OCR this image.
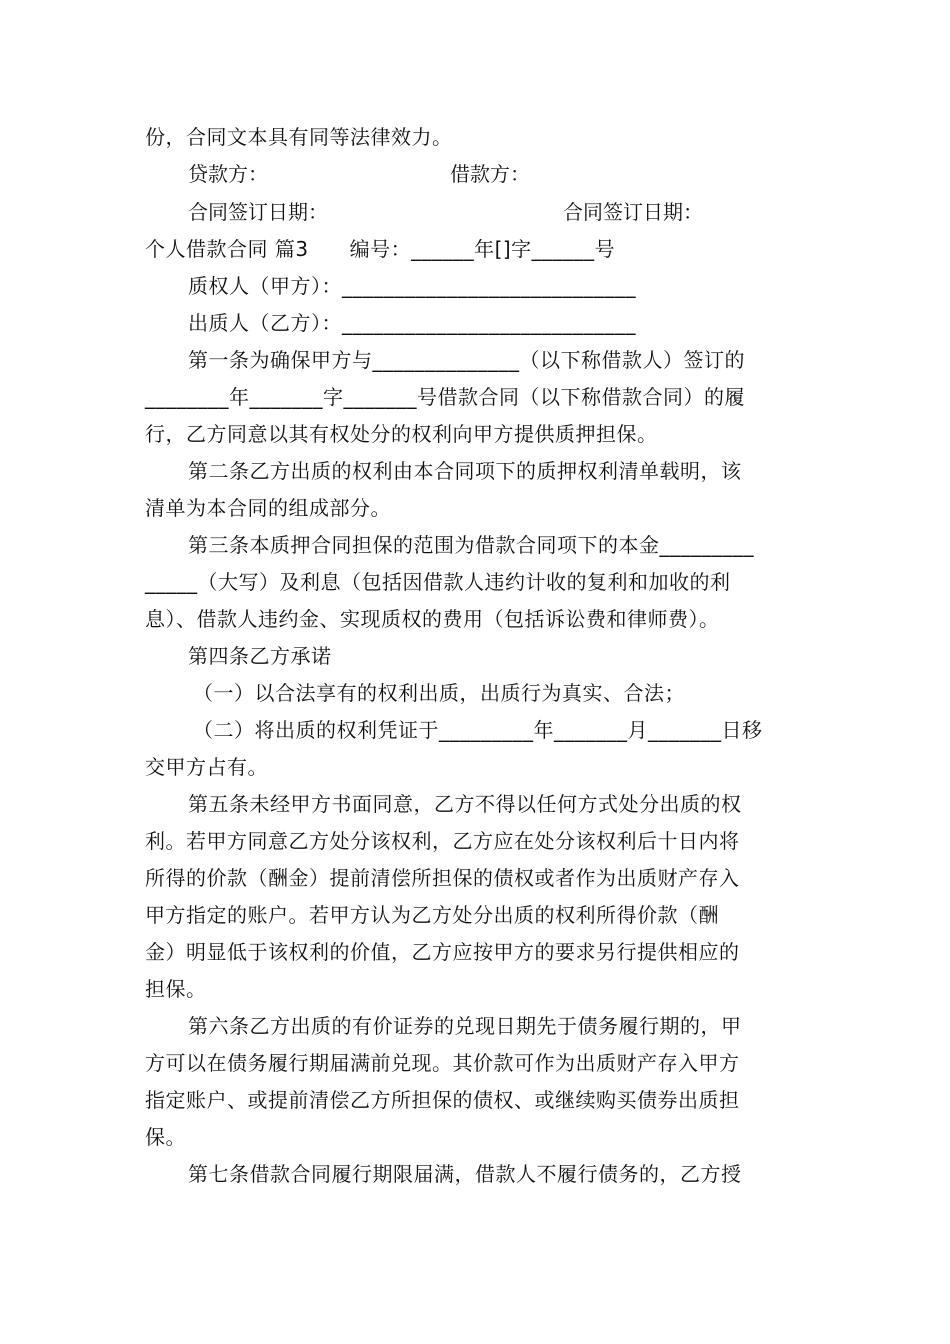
份，合同文本具有同等法律效力。
贷款方：	借款方：
合同签订日期：	合同签订日期：
个人借款合同 篇3　　编号：______年[]字______号
质权人（甲方）：____________________________
出质人（乙方）：____________________________
第一条为确保甲方与______________（以下称借款人）签订的
________年_______字_______号借款合同（以下称借款合同）的履
行，乙方同意以其有权处分的权利向甲方提供质押担保。
第二条乙方出质的权利由本合同项下的质押权利清单载明，该
清单为本合同的组成部分。
第三条本质押合同担保的范围为借款合同项下的本金_________
_____（大写）及利息（包括因借款人违约计收的复利和加收的利
息）、借款人违约金、实现质权的费用（包括诉讼费和律师费）。
第四条乙方承诺
（一）以合法享有的权利出质，出质行为真实、合法；
（二）将出质的权利凭证于_________年_______月_______日移
交甲方占有。
第五条未经甲方书面同意，乙方不得以任何方式处分出质的权
利。若甲方同意乙方处分该权利，乙方应在处分该权利后十日内将
所得的价款（酬金）提前清偿所担保的债权或者作为出质财产存入
甲方指定的账户。若甲方认为乙方处分出质的权利所得价款（酬
金）明显低于该权利的价值，乙方应按甲方的要求另行提供相应的
担保。
第六条乙方出质的有价证券的兑现日期先于债务履行期的，甲
方可以在债务履行期届满前兑现。其价款可作为出质财产存入甲方
指定账户、或提前清偿乙方所担保的债权、或继续购买债券出质担
保。
第七条借款合同履行期限届满，借款人不履行债务的，乙方授
